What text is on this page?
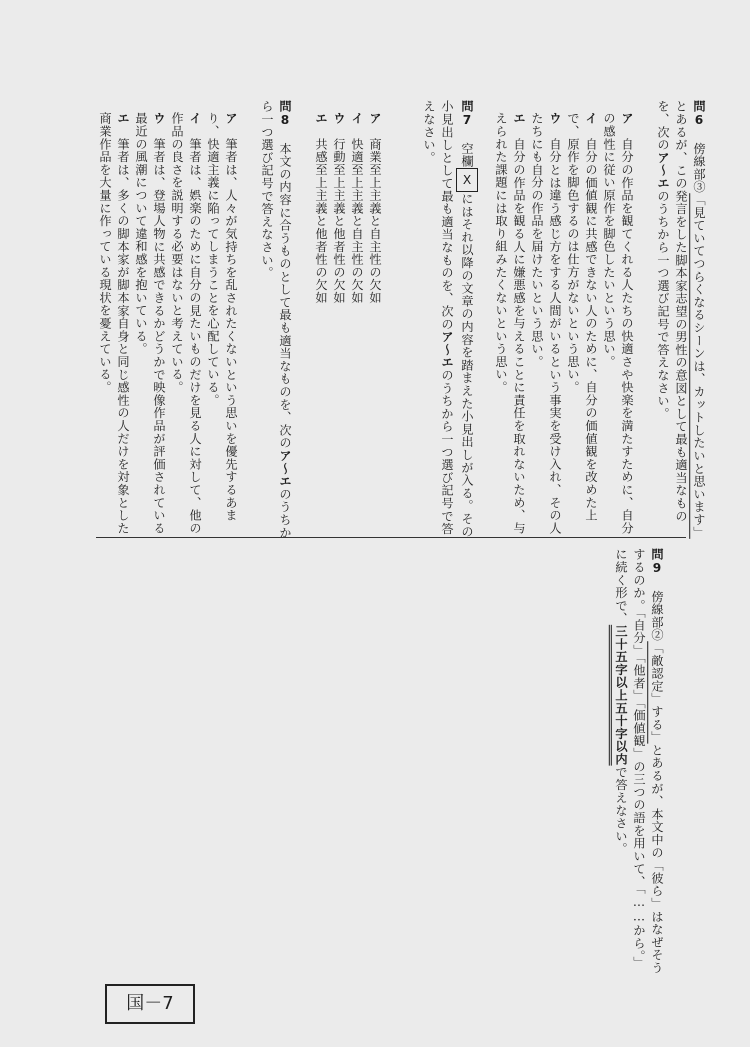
問6 傍線部③「見ていてつらくなるシーンは、カットしたいと思います」とあるが、この発言をした脚本家志望の男性の意図として最も適当なものを、次のア〜エのうちから一つ選び記号で答えなさい。
ア　自分の作品を観てくれる人たちの快適さや快楽を満たすために、自分の感性に従い原作を脚色したいという思い。
イ　自分の価値観に共感できない人のために、自分の価値観を改めた上で、原作を脚色するのは仕方がないという思い。
ウ　自分とは違う感じ方をする人間がいるという事実を受け入れ、その人たちにも自分の作品を届けたいという思い。
エ　自分の作品を観る人に嫌悪感を与えることに責任を取れないため、与えられた課題には取り組みたくないという思い。
問7 空欄Xにはそれ以降の文章の内容を踏まえた小見出しが入る。その小見出しとして最も適当なものを、次のア〜エのうちから一つ選び記号で答えなさい。
ア　商業至上主義と自主性の欠如
イ　快適至上主義と自主性の欠如
ウ　行動至上主義と他者性の欠如
エ　共感至上主義と他者性の欠如
問8 本文の内容に合うものとして最も適当なものを、次のア〜エのうちから一つ選び記号で答えなさい。
ア　筆者は、人々が気持ちを乱されたくないという思いを優先するあまり、快適主義に陥ってしまうことを心配している。
イ　筆者は、娯楽のために自分の見たいものだけを見る人に対して、他の作品の良さを説明する必要はないと考えている。
ウ　筆者は、登場人物に共感できるかどうかで映像作品が評価されている最近の風潮について違和感を抱いている。
エ　筆者は、多くの脚本家が脚本家自身と同じ感性の人だけを対象とした商業作品を大量に作っている現状を憂えている。
問9 傍線部②「敵認定」する」とあるが、本文中の「彼ら」はなぜそうするのか。「自分」「他者」「価値観」の三つの語を用いて、「……から。」に続く形で、三十五字以上五十字以内で答えなさい。
国－7
